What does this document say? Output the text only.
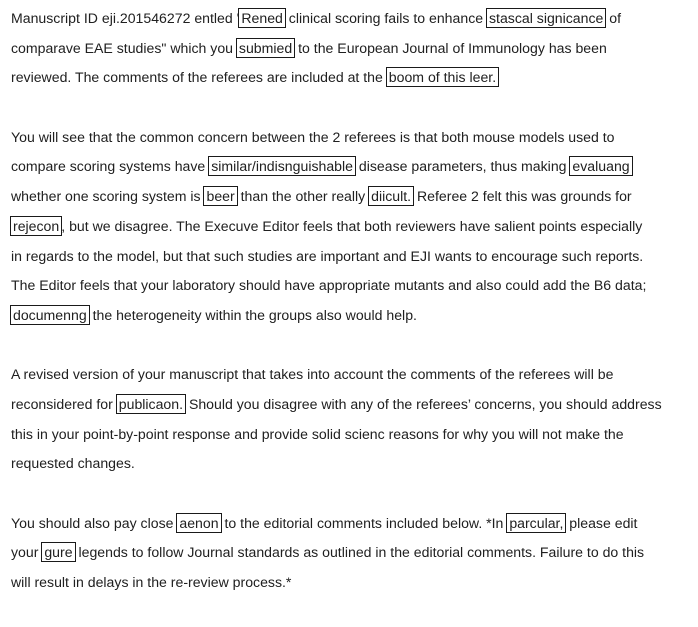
Manuscript ID eji.201546272 entled ' Rened clinical scoring fails to enhance stascal signicance of
comparave EAE studies" which you submied to the European Journal of Immunology has been
reviewed. The comments of the referees are included at the boom of this leer.
You will see that the common concern between the 2 referees is that both mouse models used to
compare scoring systems have similar/indisnguishable disease parameters, thus making evaluang
whether one scoring system is beer than the other really diicult. Referee 2 felt this was grounds for
rejecon , but we disagree. The Execuve Editor feels that both reviewers have salient points especially
in regards to the model, but that such studies are important and EJI wants to encourage such reports.
The Editor feels that your laboratory should have appropriate mutants and also could add the B6 data;
documenng the heterogeneity within the groups also would help.
A revised version of your manuscript that takes into account the comments of the referees will be
reconsidered for publicaon. Should you disagree with any of the referees’ concerns, you should address
this in your point-by-point response and provide solid scienc reasons for why you will not make the
requested changes.
You should also pay close aenon to the editorial comments included below. *In parcular, please edit
your gure legends to follow Journal standards as outlined in the editorial comments. Failure to do this
will result in delays in the re-review process.*
